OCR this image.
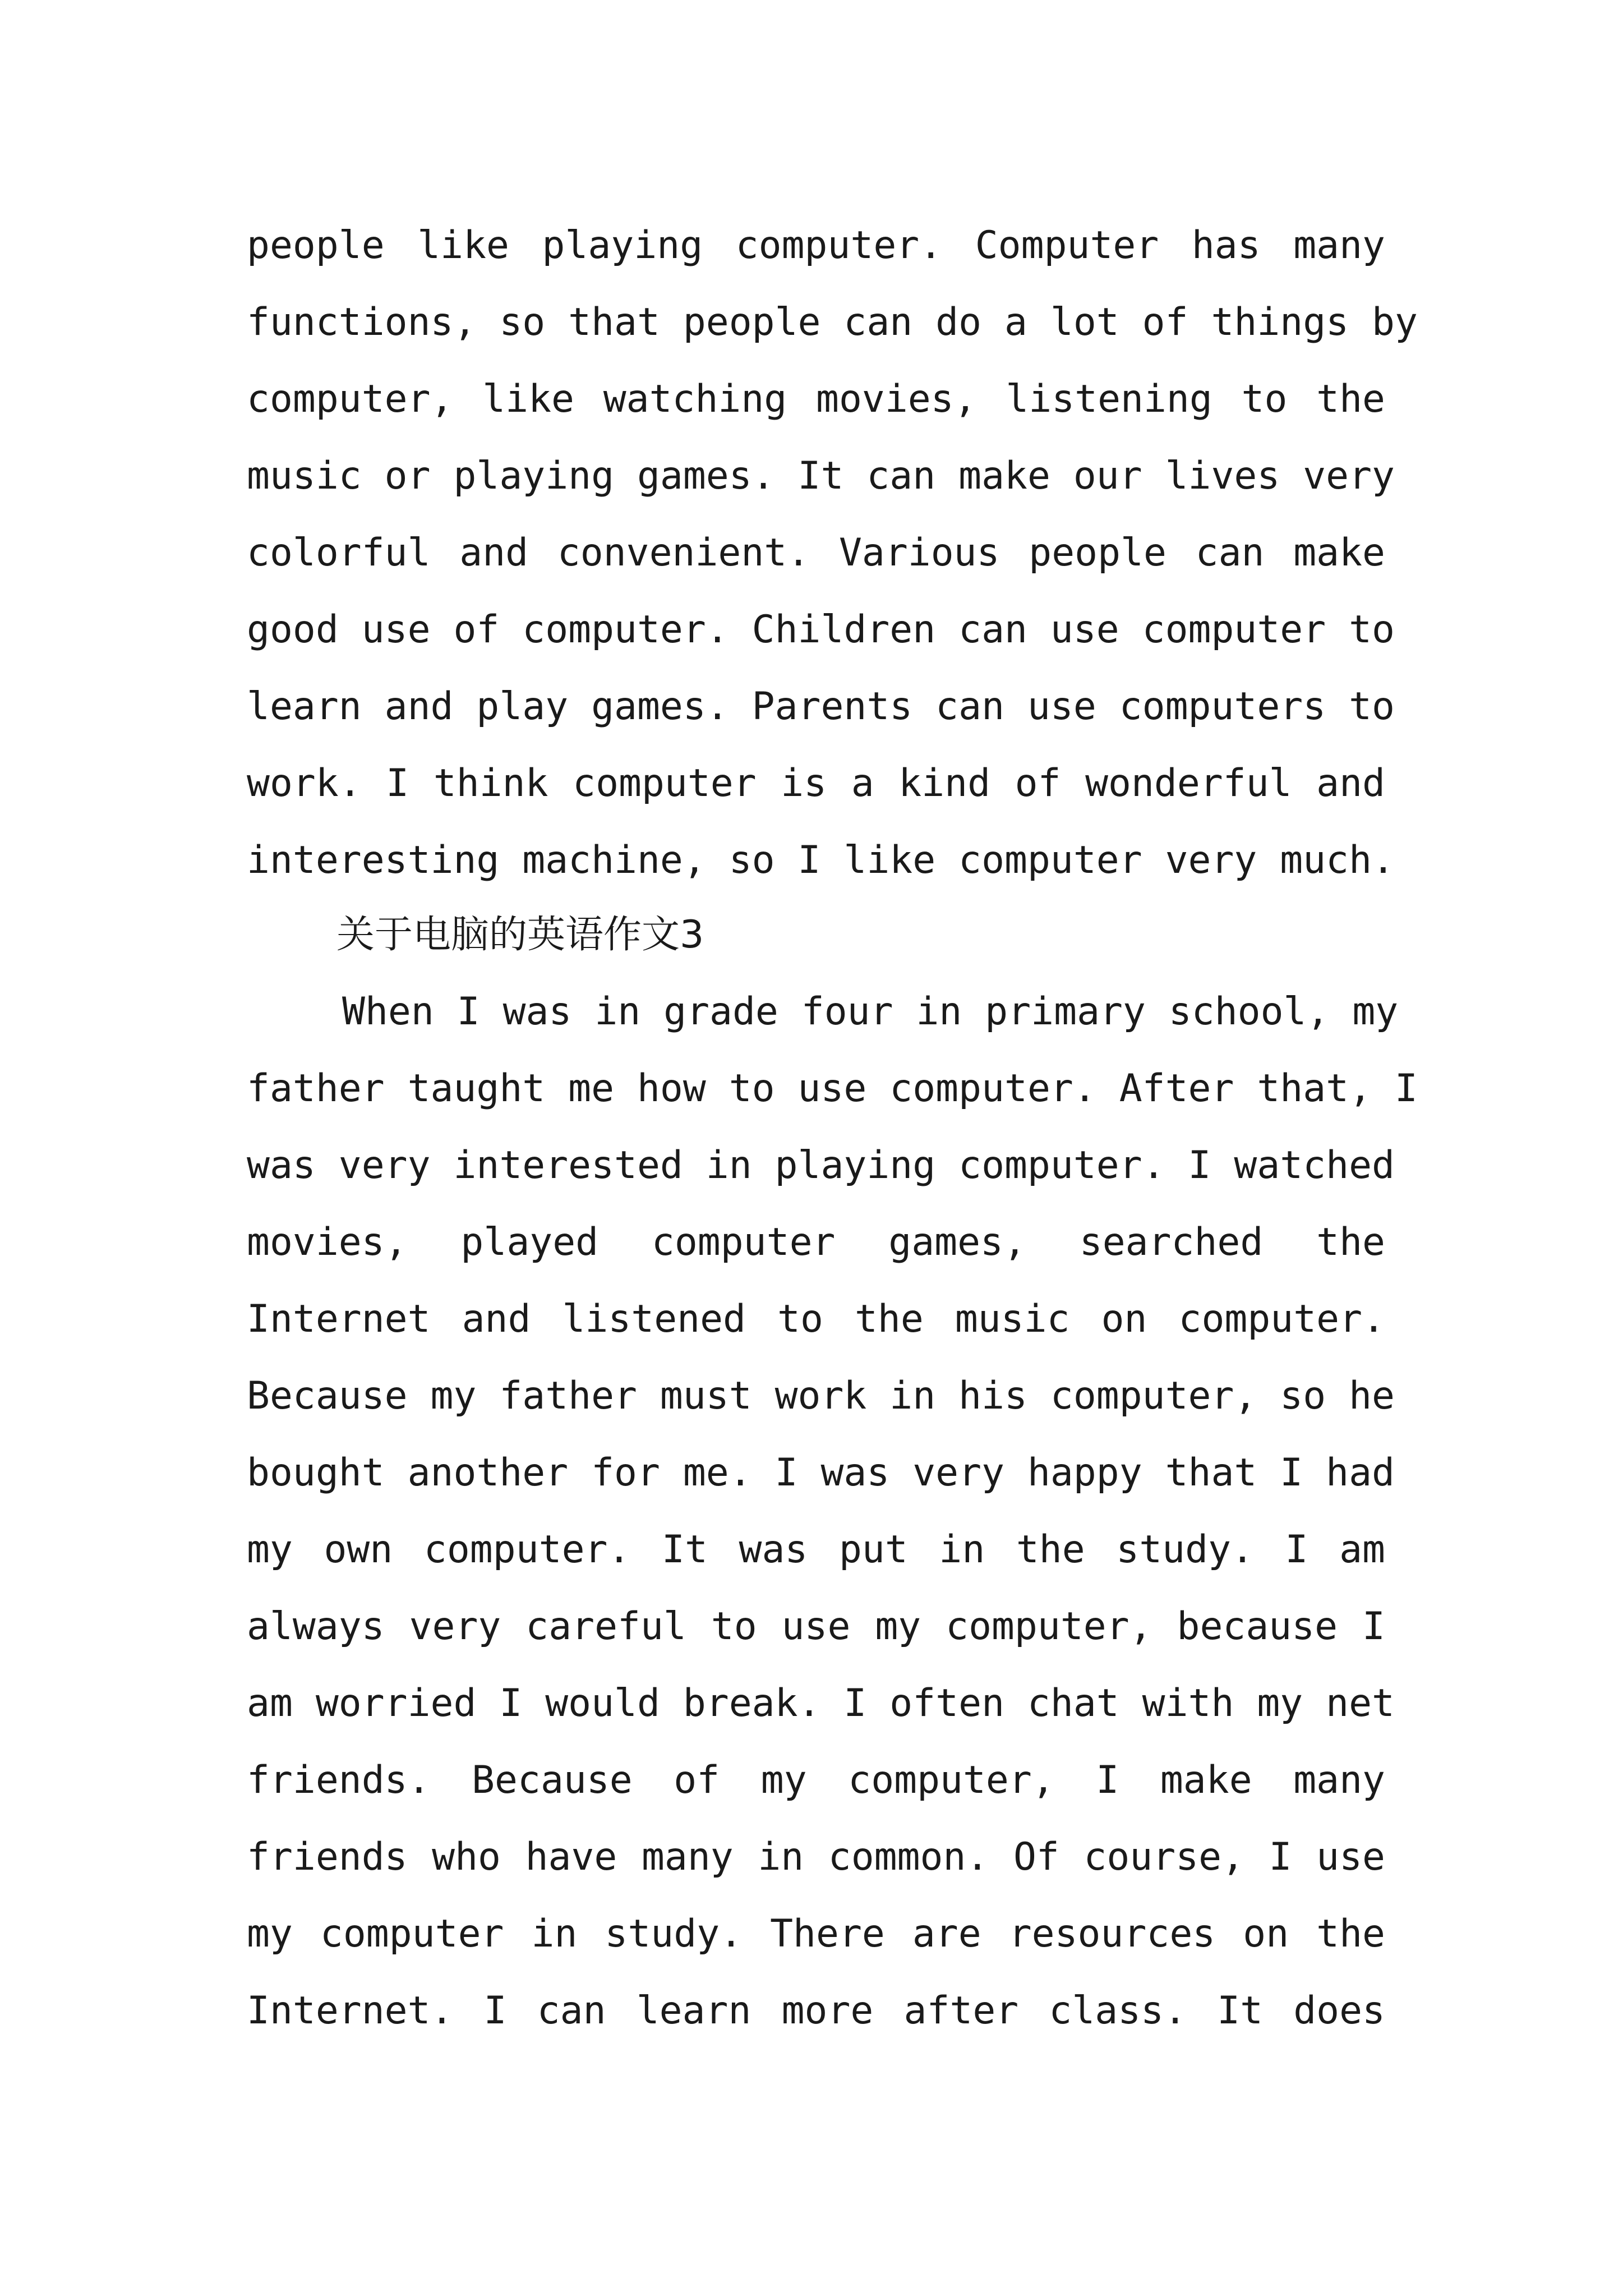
people like playing computer. Computer has many
functions, so that people can do a lot of things by
computer, like watching movies, listening to the
music or playing games. It can make our lives very
colorful and convenient. Various people can make
good use of computer. Children can use computer to
learn and play games. Parents can use computers to
work. I think computer is a kind of wonderful and
interesting machine, so I like computer very much.
关于电脑的英语作文3
When I was in grade four in primary school, my
father taught me how to use computer. After that, I
was very interested in playing computer. I watched
movies, played computer games, searched the
Internet and listened to the music on computer.
Because my father must work in his computer, so he
bought another for me. I was very happy that I had
my own computer. It was put in the study. I am
always very careful to use my computer, because I
am worried I would break. I often chat with my net
friends. Because of my computer, I make many
friends who have many in common. Of course, I use
my computer in study. There are resources on the
Internet. I can learn more after class. It does
